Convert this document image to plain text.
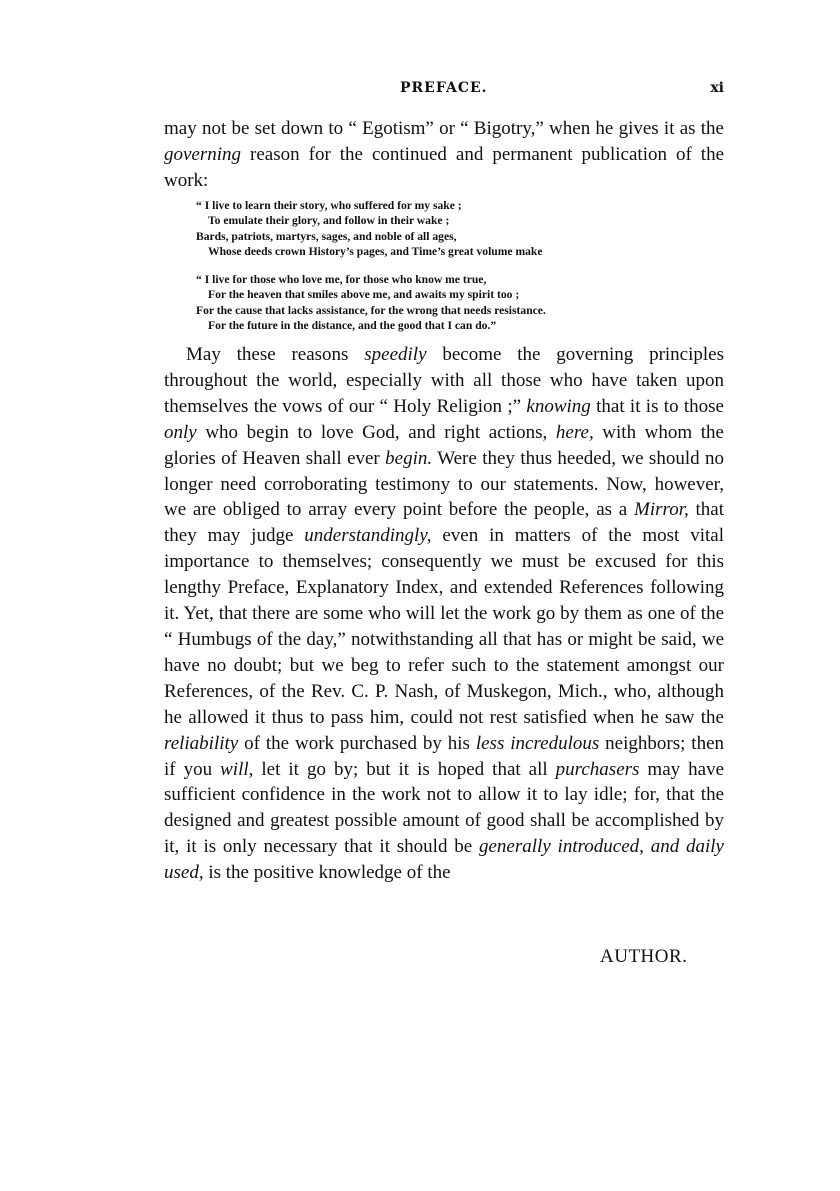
PREFACE.	xi

may not be set down to “ Egotism” or “ Bigotry,” when he gives it as the governing reason for the continued and permanent publication of the work:

“ I live to learn their story, who suffered for my sake ;
To emulate their glory, and follow in their wake ;
Bards, patriots, martyrs, sages, and noble of all ages,
Whose deeds crown History’s pages, and Time’s great volume make
“ I live for those who love me, for those who know me true,
For the heaven that smiles above me, and awaits my spirit too ;
For the cause that lacks assistance, for the wrong that needs resistance.
For the future in the distance, and the good that I can do.”

May these reasons speedily become the governing principles throughout the world, especially with all those who have taken upon themselves the vows of our “ Holy Religion ;” knowing that it is to those only who begin to love God, and right actions, here, with whom the glories of Heaven shall ever begin. Were they thus heeded, we should no longer need corroborating testimony to our statements. Now, however, we are obliged to array every point before the people, as a Mirror, that they may judge understandingly, even in matters of the most vital importance to themselves; consequently we must be excused for this lengthy Preface, Explanatory Index, and extended References following it. Yet, that there are some who will let the work go by them as one of the “ Humbugs of the day,” notwithstanding all that has or might be said, we have no doubt; but we beg to refer such to the statement amongst our References, of the Rev. C. P. Nash, of Muskegon, Mich., who, although he allowed it thus to pass him, could not rest satisfied when he saw the reliability of the work purchased by his less incredulous neighbors; then if you will, let it go by; but it is hoped that all purchasers may have sufficient confidence in the work not to allow it to lay idle; for, that the designed and greatest possible amount of good shall be accomplished by it, it is only necessary that it should be generally introduced, and daily used, is the positive knowledge of the

AUTHOR.
